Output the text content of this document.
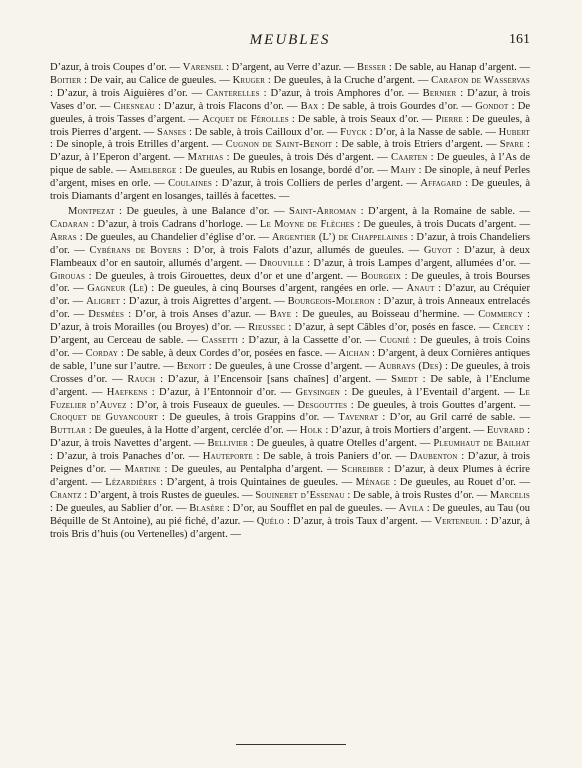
MEUBLES	161

D’azur, à trois Coupes d’or. — Varensel : D’argent, au Verre d’azur. — Besser : De sable, au Hanap d’argent. — Boitier : De vair, au Calice de gueules. — Kruger : De gueules, à la Cruche d’argent. — Carafon de Wasservas : D’azur, à trois Aiguières d’or. — Canterelles : D’azur, à trois Amphores d’or. — Bernier : D’azur, à trois Vases d’or. — Chesneau : D’azur, à trois Flacons d’or. — Bax : De sable, à trois Gourdes d’or. — Gondot : De gueules, à trois Tasses d’argent. — Acquet de Férolles : De sable, à trois Seaux d’or. — Pierre : De gueules, à trois Pierres d’argent. — Sanses : De sable, à trois Cailloux d’or. — Fuyck : D’or, à la Nasse de sable. — Hubert : De sinople, à trois Etrilles d’argent. — Cugnon de Saint-Benoit : De sable, à trois Etriers d’argent. — Spare : D’azur, à l’Eperon d’argent. — Mathias : De gueules, à trois Dés d’argent. — Caarten : De gueules, à l’As de pique de sable. — Amelberge : De gueules, au Rubis en losange, bordé d’or. — Mahy : De sinople, à neuf Perles d’argent, mises en orle. — Coulaines : D’azur, à trois Colliers de perles d’argent. — Affagard : De gueules, à trois Diamants d’argent en losanges, taillés à facettes. —

Montpezat : De gueules, à une Balance d’or. — Saint-Arroman : D’argent, à la Romaine de sable. — Cadaran : D’azur, à trois Cadrans d’horloge. — Le Moyne de Flèches : De gueules, à trois Ducats d’argent. — Arras : De gueules, au Chandelier d’église d’or. — Argentier (L’) de Chappelaines : D’azur, à trois Chandeliers d’or. — Cybérans de Boyers : D’or, à trois Falots d’azur, allumés de gueules. — Guyot : D’azur, à deux Flambeaux d’or en sautoir, allumés d’argent. — Drouville : D’azur, à trois Lampes d’argent, allumées d’or. — Girouas : De gueules, à trois Girouettes, deux d’or et une d’argent. — Bourgeix : De gueules, à trois Bourses d’or. — Gagneur (Le) : De gueules, à cinq Bourses d’argent, rangées en orle. — Anaut : D’azur, au Créquier d’or. — Aligret : D’azur, à trois Aigrettes d’argent. — Bourgeois-Moleron : D’azur, à trois Anneaux entrelacés d’or. — Desmées : D’or, à trois Anses d’azur. — Baye : De gueules, au Boisseau d’hermine. — Commercy : D’azur, à trois Morailles (ou Broyes) d’or. — Rieussec : D’azur, à sept Câbles d’or, posés en fasce. — Cercey : D’argent, au Cerceau de sable. — Cassetti : D’azur, à la Cassette d’or. — Cugnié : De gueules, à trois Coins d’or. — Corday : De sable, à deux Cordes d’or, posées en fasce. — Aichan : D’argent, à deux Cornières antiques de sable, l’une sur l’autre. — Benoit : De gueules, à une Crosse d’argent. — Aubrays (Des) : De gueules, à trois Crosses d’or. — Rauch : D’azur, à l’Encensoir [sans chaînes] d’argent. — Smedt : De sable, à l’Enclume d’argent. — Haefkens : D’azur, à l’Entonnoir d’or. — Geysingen : De gueules, à l’Eventail d’argent. — Le Fuzelier d’Auvez : D’or, à trois Fuseaux de gueules. — Desgouttes : De gueules, à trois Gouttes d’argent. — Croquet de Guyancourt : De gueules, à trois Grappins d’or. — Tavenrat : D’or, au Gril carré de sable. — Buttlar : De gueules, à la Hotte d’argent, cerclée d’or. — Holk : D’azur, à trois Mortiers d’argent. — Euvrard : D’azur, à trois Navettes d’argent. — Bellivier : De gueules, à quatre Otelles d’argent. — Pleumhaut de Bailhat : D’azur, à trois Panaches d’or. — Hauteporte : De sable, à trois Paniers d’or. — Daubenton : D’azur, à trois Peignes d’or. — Martine : De gueules, au Pentalpha d’argent. — Schreiber : D’azur, à deux Plumes à écrire d’argent. — Lézardières : D’argent, à trois Quintaines de gueules. — Ménage : De gueules, au Rouet d’or. — Crantz : D’argent, à trois Rustes de gueules. — Souineret d’Essenau : De sable, à trois Rustes d’or. — Marcelis : De gueules, au Sablier d’or. — Blasère : D’or, au Soufflet en pal de gueules. — Avila : De gueules, au Tau (ou Béquille de St Antoine), au pié fiché, d’azur. — Quélo : D’azur, à trois Taux d’argent. — Verteneuil : D’azur, à trois Bris d’huis (ou Vertenelles) d’argent. —
